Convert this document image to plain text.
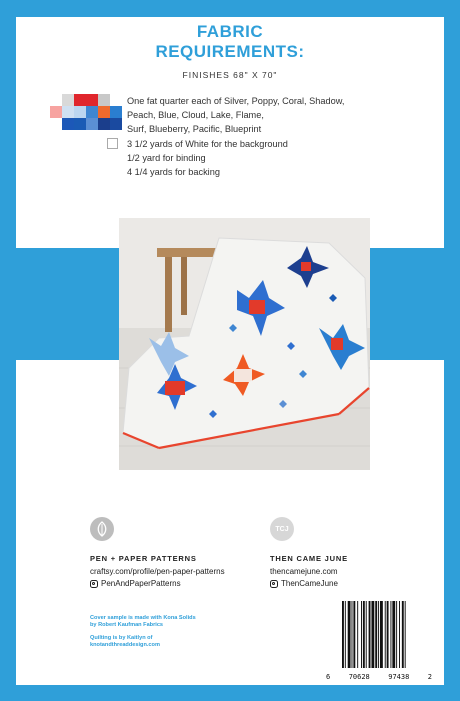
FABRIC
REQUIREMENTS:
FINISHES 68" X 70"
One fat quarter each of Silver, Poppy, Coral, Shadow,
Peach, Blue, Cloud, Lake, Flame,
Surf, Blueberry, Pacific, Blueprint
3 1/2 yards of White for the background
1/2 yard for binding
4 1/4 yards for backing
TCJ
PEN + PAPER PATTERNS
craftsy.com/profile/pen-paper-patterns
PenAndPaperPatterns
THEN CAME JUNE
thencamejune.com
ThenCameJune
Cover sample is made with Kona Solids
by Robert Kaufman Fabrics
Quilting is by Kaitlyn of
knotandthreaddesign.com
6	70628	97438	2
